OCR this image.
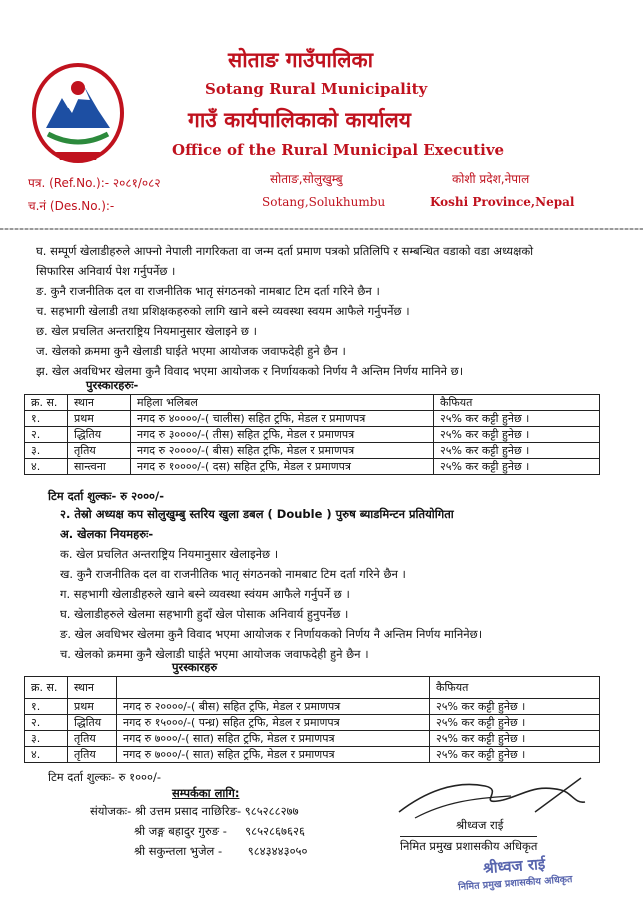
सोताङ गाउँपालिका
Sotang Rural Municipality
गाउँ कार्यपालिकाको कार्यालय
Office of the Rural Municipal Executive
पत्र. (Ref.No.):- २०८१/०८२
च.नं (Des.No.):-
सोताङ,सोलुखुम्बु
Sotang,Solukhumbu
कोशी प्रदेश,नेपाल
Koshi Province,Nepal
घ. सम्पूर्ण खेलाडीहरुले आफ्नो नेपाली नागरिकता वा जन्म दर्ता प्रमाण पत्रको प्रतिलिपि र सम्बन्धित वडाको वडा अध्यक्षको
सिफारिस अनिवार्य पेश गर्नुपर्नेछ ।
ङ. कुनै राजनीतिक दल वा राजनीतिक भातृ संगठनको नामबाट टिम दर्ता गरिने छैन ।
च. सहभागी खेलाडी तथा प्रशिक्षकहरुको लागि खाने बस्ने व्यवस्था स्वयम आफैले गर्नुपर्नेछ ।
छ. खेल प्रचलित अन्तराष्ट्रिय नियमानुसार खेलाइने छ ।
ज. खेलको क्रममा कुनै खेलाडी घाईते भएमा आयोजक जवाफदेही हुने छैन ।
झ. खेल अवधिभर खेलमा कुनै विवाद भएमा आयोजक र निर्णायकको निर्णय नै अन्तिम निर्णय मानिने छ।
पुरस्कारहरुः-
क्र. स.	स्थान	महिला भलिबल	कैफियत
१.	प्रथम	नगद रु ४००००/-( चालीस) सहित ट्रफि, मेडल र प्रमाणपत्र	२५% कर कट्टी हुनेछ ।
२.	द्धितिय	नगद रु ३००००/-( तीस) सहित ट्रफि, मेडल र प्रमाणपत्र	२५% कर कट्टी हुनेछ ।
३.	तृतिय	नगद रु २००००/-( बीस) सहित ट्रफि, मेडल र प्रमाणपत्र	२५% कर कट्टी हुनेछ ।
४.	सान्त्वना	नगद रु १००००/-( दस) सहित ट्रफि, मेडल र प्रमाणपत्र	२५% कर कट्टी हुनेछ ।
टिम दर्ता शुल्कः- रु २०००/-
२. तेस्रो अध्यक्ष कप सोलुखुम्बु स्तरिय खुला डबल ( Double ) पुरुष ब्याडमिन्टन प्रतियोगिता
अ. खेलका नियमहरुः-
क. खेल प्रचलित अन्तराष्ट्रिय नियमानुसार खेलाइनेछ ।
ख. कुनै राजनीतिक दल वा राजनीतिक भातृ संगठनको नामबाट टिम दर्ता गरिने छैन ।
ग. सहभागी खेलाडीहरुले खाने बस्ने व्यवस्था स्वंयम आफैले गर्नुपर्ने छ ।
घ. खेलाडीहरुले खेलमा सहभागी हुदाँ खेल पोसाक अनिवार्य हुनुपर्नेछ ।
ङ. खेल अवधिभर खेलमा कुनै विवाद भएमा आयोजक र निर्णायकको निर्णय नै अन्तिम निर्णय मानिनेछ।
च. खेलको क्रममा कुनै खेलाडी घाईते भएमा आयोजक जवाफदेही हुने छैन ।
पुरस्कारहरु
क्र. स.	स्थान		कैफियत
१.	प्रथम	नगद रु २००००/-( बीस) सहित ट्रफि, मेडल र प्रमाणपत्र	२५% कर कट्टी हुनेछ ।
२.	द्धितिय	नगद रु १५०००/-( पन्ध्र) सहित ट्रफि, मेडल र प्रमाणपत्र	२५% कर कट्टी हुनेछ ।
३.	तृतिय	नगद रु ७०००/-( सात) सहित ट्रफि, मेडल र प्रमाणपत्र	२५% कर कट्टी हुनेछ ।
४.	तृतिय	नगद रु ७०००/-( सात) सहित ट्रफि, मेडल र प्रमाणपत्र	२५% कर कट्टी हुनेछ ।
टिम दर्ता शुल्कः- रु १०००/-
सम्पर्कका लागि:
संयोजकः- श्री उत्तम प्रसाद नाछिरिङ- ९८५२८८२७७
श्री जङ्ग बहादुर गुरुङ -     ९८५२८६७६२६
श्री सकुन्तला भुजेल -       ९८४३४४३०५०
श्रीध्वज राई
निमित प्रमुख प्रशासकीय अधिकृत
श्रीध्वज राई
निमित प्रमुख प्रशासकीय अधिकृत
